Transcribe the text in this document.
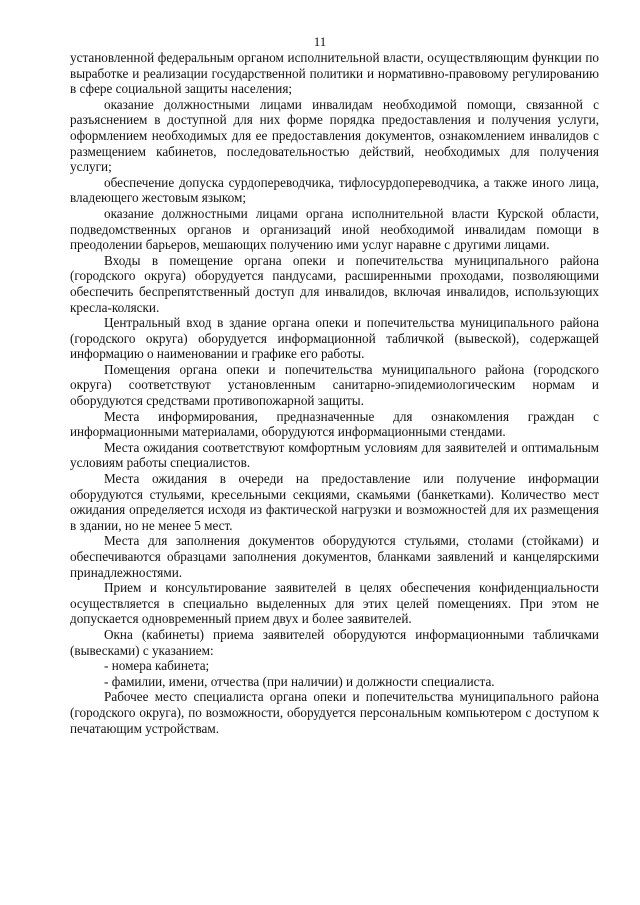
11

установленной федеральным органом исполнительной власти, осуществляющим функции по выработке и реализации государственной политики и нормативно-правовому регулированию в сфере социальной защиты населения;

оказание должностными лицами инвалидам необходимой помощи, связанной с разъяснением в доступной для них форме порядка предоставления и получения услуги, оформлением необходимых для ее предоставления документов, ознакомлением инвалидов с размещением кабинетов, последовательностью действий, необходимых для получения услуги;

обеспечение допуска сурдопереводчика, тифлосурдопереводчика, а также иного лица, владеющего жестовым языком;

оказание должностными лицами органа исполнительной власти Курской области, подведомственных органов и организаций иной необходимой инвалидам помощи в преодолении барьеров, мешающих получению ими услуг наравне с другими лицами.

Входы в помещение органа опеки и попечительства муниципального района (городского округа) оборудуется пандусами, расширенными проходами, позволяющими обеспечить беспрепятственный доступ для инвалидов, включая инвалидов, использующих кресла-коляски.

Центральный вход в здание органа опеки и попечительства муниципального района (городского округа) оборудуется информационной табличкой (вывеской), содержащей информацию о наименовании и графике его работы.

Помещения органа опеки и попечительства муниципального района (городского округа) соответствуют установленным санитарно-эпидемиологическим нормам и оборудуются средствами противопожарной защиты.

Места информирования, предназначенные для ознакомления граждан с информационными материалами, оборудуются информационными стендами.

Места ожидания соответствуют комфортным условиям для заявителей и оптимальным условиям работы специалистов.

Места ожидания в очереди на предоставление или получение информации оборудуются стульями, кресельными секциями, скамьями (банкетками). Количество мест ожидания определяется исходя из фактической нагрузки и возможностей для их размещения в здании, но не менее 5 мест.

Места для заполнения документов оборудуются стульями, столами (стойками) и обеспечиваются образцами заполнения документов, бланками заявлений и канцелярскими принадлежностями.

Прием и консультирование заявителей в целях обеспечения конфиденциальности осуществляется в специально выделенных для этих целей помещениях. При этом не допускается одновременный прием двух и более заявителей.

Окна (кабинеты) приема заявителей оборудуются информационными табличками (вывесками) с указанием:

- номера кабинета;

- фамилии, имени, отчества (при наличии) и должности специалиста.

Рабочее место специалиста органа опеки и попечительства муниципального района (городского округа), по возможности, оборудуется персональным компьютером с доступом к печатающим устройствам.
